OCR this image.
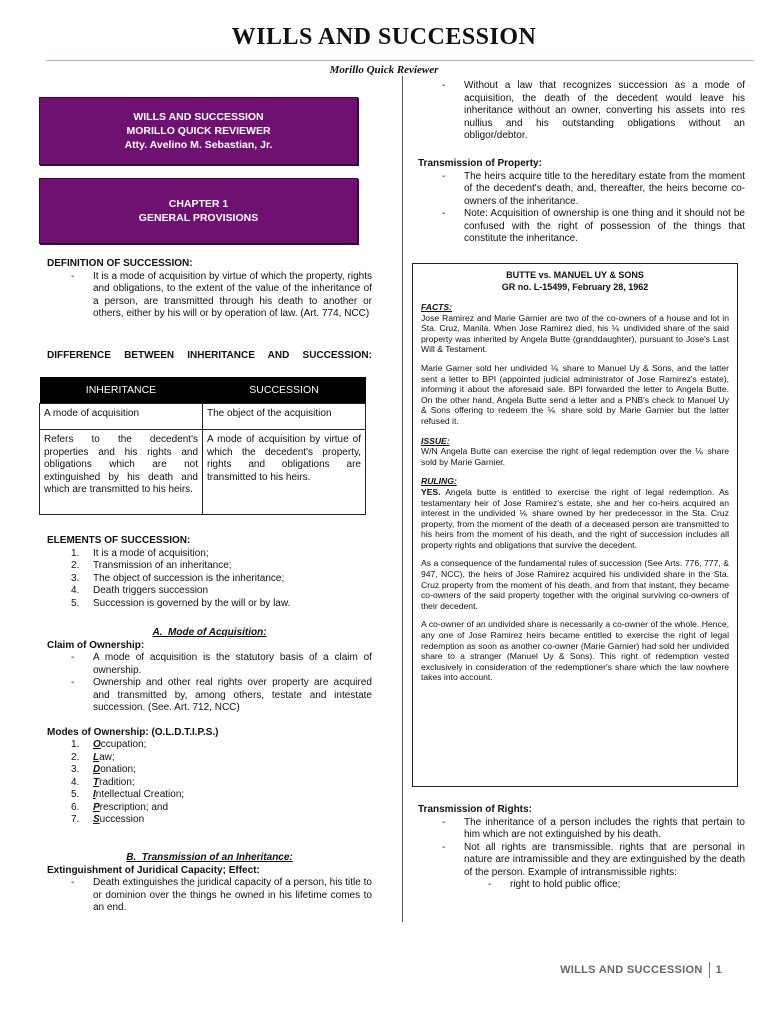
WILLS AND SUCCESSION
Morillo Quick Reviewer
WILLS AND SUCCESSION
MORILLO QUICK REVIEWER
Atty. Avelino M. Sebastian, Jr.
CHAPTER 1
GENERAL PROVISIONS
DEFINITION OF SUCCESSION:
- It is a mode of acquisition by virtue of which the property, rights and obligations, to the extent of the value of the inheritance of a person, are transmitted through his death to another or others, either by his will or by operation of law. (Art. 774, NCC)
DIFFERENCE BETWEEN INHERITANCE AND SUCCESSION:
INHERITANCE	SUCCESSION
A mode of acquisition	The object of the acquisition
Refers to the decedent's properties and his rights and obligations which are not extinguished by his death and which are transmitted to his heirs.	A mode of acquisition by virtue of which the decedent's property, rights and obligations are transmitted to his heirs.
ELEMENTS OF SUCCESSION:
1. It is a mode of acquisition;
2. Transmission of an inheritance;
3. The object of succession is the inheritance;
4. Death triggers succession
5. Succession is governed by the will or by law.
A. Mode of Acquisition:
Claim of Ownership:
- A mode of acquisition is the statutory basis of a claim of ownership.
- Ownership and other real rights over property are acquired and transmitted by, among others, testate and intestate succession. (See. Art. 712, NCC)
Modes of Ownership: (O.L.D.T.I.P.S.)
1. Occupation;
2. Law;
3. Donation;
4. Tradition;
5. Intellectual Creation;
6. Prescription; and
7. Succession
B. Transmission of an Inheritance:
Extinguishment of Juridical Capacity; Effect:
- Death extinguishes the juridical capacity of a person, his title to or dominion over the things he owned in his lifetime comes to an end.
- Without a law that recognizes succession as a mode of acquisition, the death of the decedent would leave his inheritance without an owner, converting his assets into res nullius and his outstanding obligations without an obligor/debtor.
Transmission of Property:
- The heirs acquire title to the hereditary estate from the moment of the decedent's death, and, thereafter, the heirs become co-owners of the inheritance.
- Note: Acquisition of ownership is one thing and it should not be confused with the right of possession of the things that constitute the inheritance.
BUTTE vs. MANUEL UY & SONS
GR no. L-15499, February 28, 1962
FACTS:

Jose Ramirez and Marie Garnier are two of the co-owners of a house and lot in Sta. Cruz, Manila. When Jose Ramirez died, his ⅙ undivided share of the said property was inherited by Angela Butte (granddaughter), pursuant to Jose's Last Will & Testament.

Marie Garner sold her undivided ⅙ share to Manuel Uy & Sons, and the latter sent a letter to BPI (appointed judicial administrator of Jose Ramirez's estate), informing it about the aforesaid sale. BPI forwarded the letter to Angela Butte. On the other hand, Angela Butte send a letter and a PNB's check to Manuel Uy & Sons offering to redeem the ⅙ share sold by Marie Garnier but the latter refused it.

ISSUE:

W/N Angela Butte can exercise the right of legal redemption over the ⅙ share sold by Marie Garnier.

RULING:

YES. Angela butte is entitled to exercise the right of legal redemption. As testamentary heir of Jose Ramirez's estate, she and her co-heirs acquired an interest in the undivided ⅙ share owned by her predecessor in the Sta. Cruz property, from the moment of the death of a deceased person are transmitted to his heirs from the moment of his death, and the right of succession includes all property rights and obligations that survive the decedent.

As a consequence of the fundamental rules of succession (See Arts. 776, 777, & 947, NCC), the heirs of Jose Ramirez acquired his undivided share in the Sta. Cruz property from the moment of his death, and from that instant, they became co-owners of the said property together with the original surviving co-owners of their decedent.

A co-owner of an undivided share is necessarily a co-owner of the whole. Hence, any one of Jose Ramirez heirs became entitled to exercise the right of legal redemption as soon as another co-owner (Marie Garnier) had sold her undivided share to a stranger (Manuel Uy & Sons). This right of redemption vested exclusively in consideration of the redemptioner's share which the law nowhere takes into account.

Transmission of Rights:
- The inheritance of a person includes the rights that pertain to him which are not extinguished by his death.
- Not all rights are transmissible. rights that are personal in nature are intramissible and they are extinguished by the death of the person. Example of intransmissible rights:
- right to hold public office;
WILLS AND SUCCESSION 1
